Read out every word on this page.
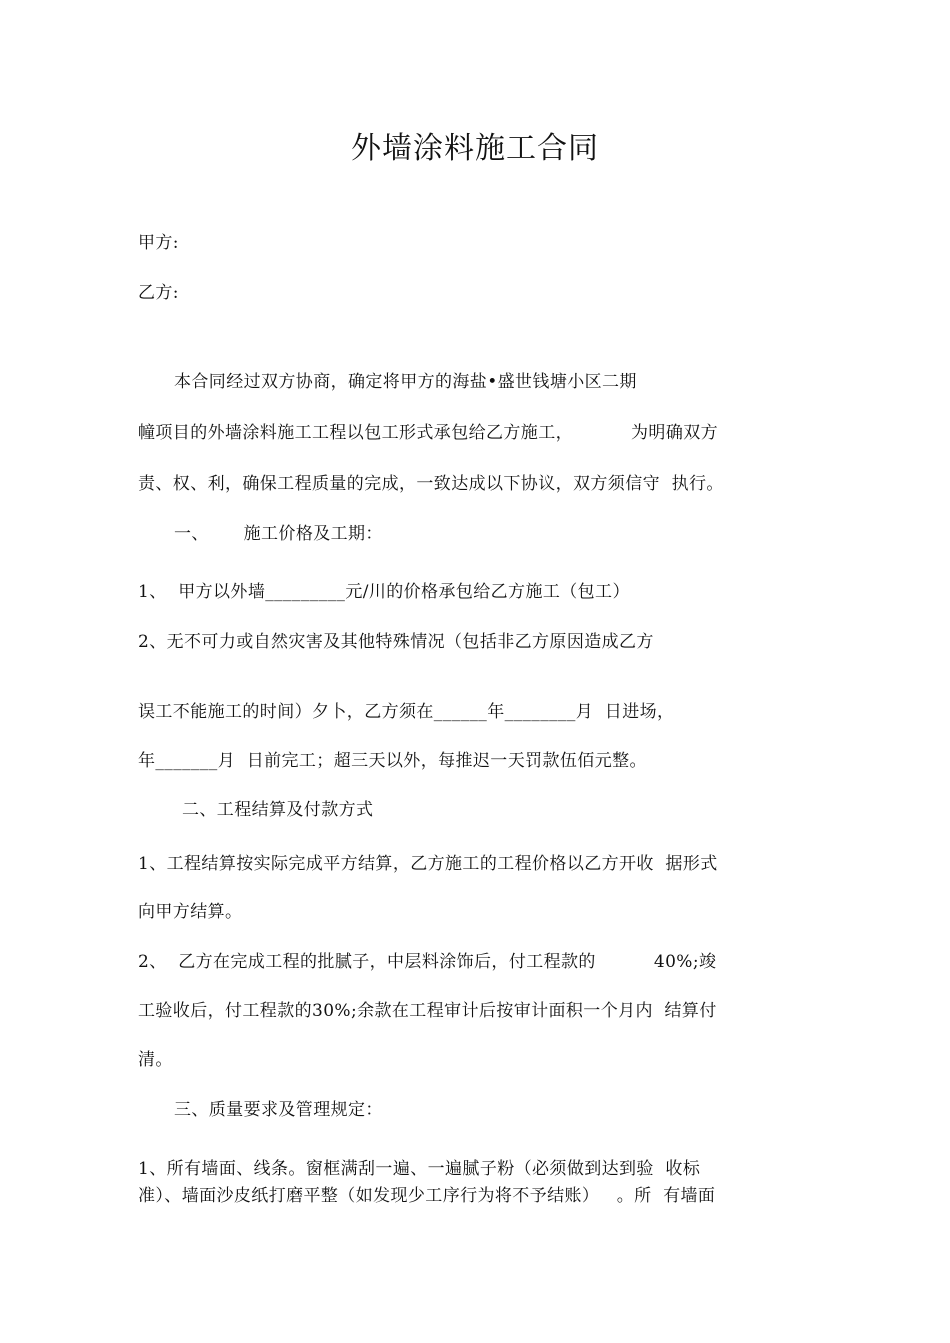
外墙涂料施工合同
甲方:
乙方:
本合同经过双方协商，确定将甲方的海盐•盛世钱塘小区二期
幢项目的外墙涂料施工工程以包工形式承包给乙方施工，          为明确双方
责、权、利，确保工程质量的完成，一致达成以下协议，双方须信守  执行。
一、      施工价格及工期：
1、  甲方以外墙_________元/川的价格承包给乙方施工（包工）
2、无不可力或自然灾害及其他特殊情况（包括非乙方原因造成乙方
误工不能施工的时间）夕卜，乙方须在______年________月  日进场，
年_______月  日前完工；超三天以外，每推迟一天罚款伍佰元整。
二、工程结算及付款方式
1、工程结算按实际完成平方结算，乙方施工的工程价格以乙方开收  据形式
向甲方结算。
2、  乙方在完成工程的批腻子，中层料涂饰后，付工程款的          40%;竣
工验收后，付工程款的30%;余款在工程审计后按审计面积一个月内  结算付
清。
三、质量要求及管理规定：
1、所有墙面、线条。窗框满刮一遍、一遍腻子粉（必须做到达到验  收标
准）、墙面沙皮纸打磨平整（如发现少工序行为将不予结账）   。所  有墙面
